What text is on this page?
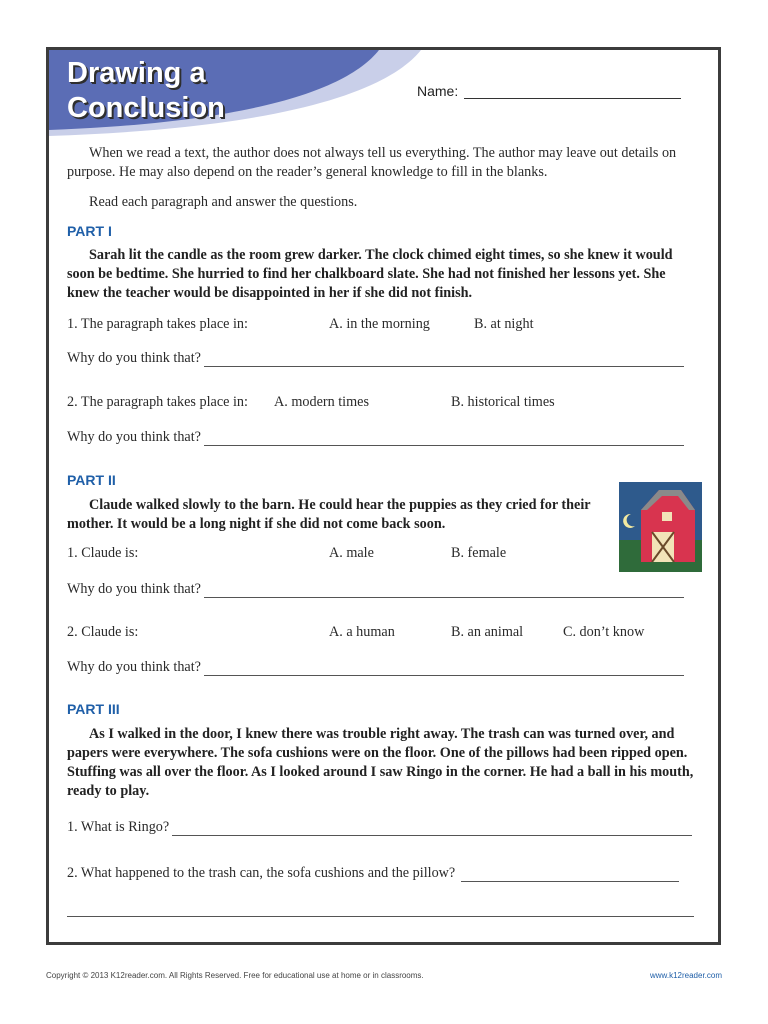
Drawing a
Conclusion
Name:

When we read a text, the author does not always tell us everything. The author may leave out details on purpose. He may also depend on the reader’s general knowledge to fill in the blanks.

Read each paragraph and answer the questions.

PART I

Sarah lit the candle as the room grew darker. The clock chimed eight times, so she knew it would soon be bedtime. She hurried to find her chalkboard slate. She had not finished her lessons yet. She knew the teacher would be disappointed in her if she did not finish.

1. The paragraph takes place in:	A. in the morning	B. at night
Why do you think that?
2. The paragraph takes place in: A. modern times	B. historical times
Why do you think that?
PART II

Claude walked slowly to the barn. He could hear the puppies as they cried for their mother. It would be a long night if she did not come back soon.

1. Claude is:	A. male	B. female
Why do you think that?
2. Claude is:	A. a human	B. an animal	C. don’t know
Why do you think that?
PART III

As I walked in the door, I knew there was trouble right away. The trash can was turned over, and papers were everywhere. The sofa cushions were on the floor. One of the pillows had been ripped open. Stuffing was all over the floor. As I looked around I saw Ringo in the corner. He had a ball in his mouth, ready to play.

1. What is Ringo?
2. What happened to the trash can, the sofa cushions and the pillow?
Copyright © 2013 K12reader.com. All Rights Reserved. Free for educational use at home or in classrooms.	www.k12reader.com
